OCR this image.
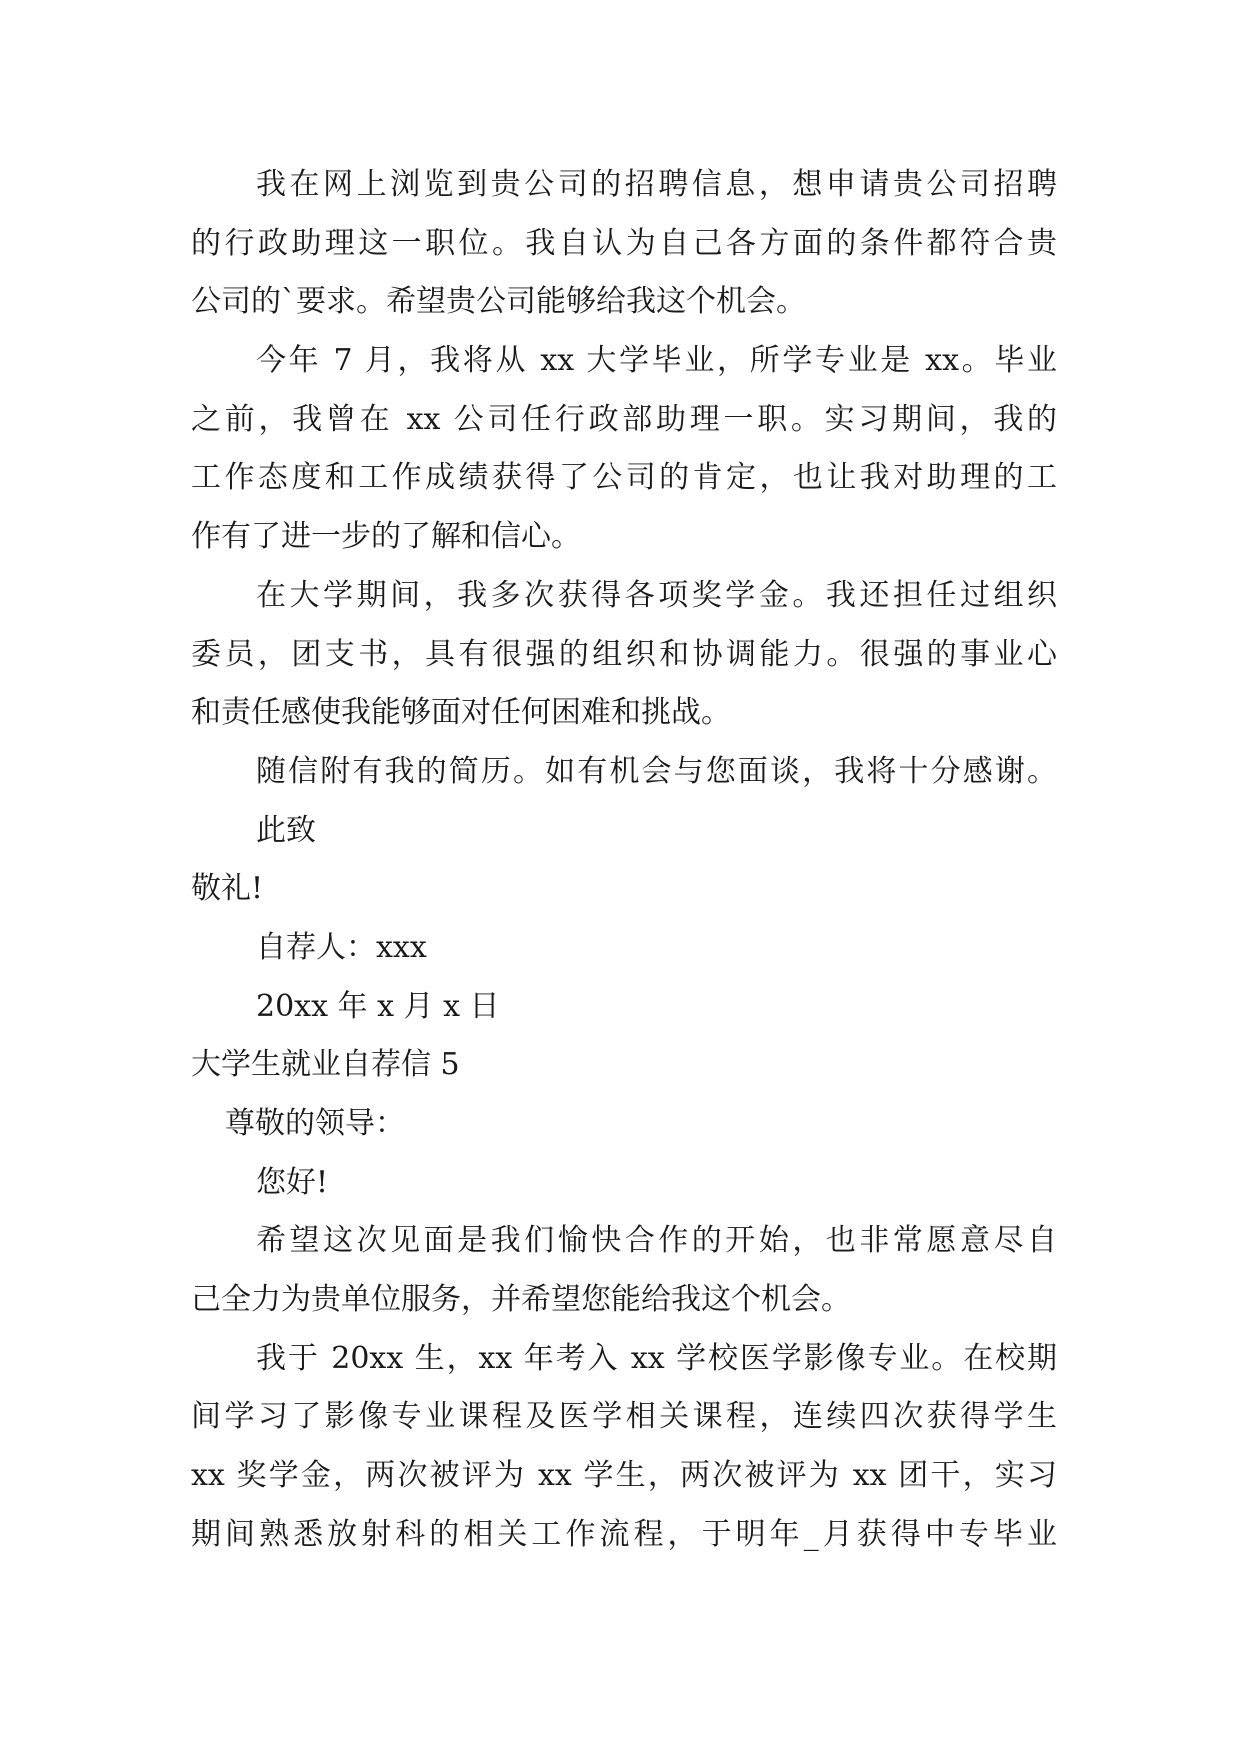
我在网上浏览到贵公司的招聘信息，想申请贵公司招聘
的行政助理这一职位。我自认为自己各方面的条件都符合贵
公司的`要求。希望贵公司能够给我这个机会。
今年 7 月，我将从 xx 大学毕业，所学专业是 xx。毕业
之前，我曾在 xx 公司任行政部助理一职。实习期间，我的
工作态度和工作成绩获得了公司的肯定，也让我对助理的工
作有了进一步的了解和信心。
在大学期间，我多次获得各项奖学金。我还担任过组织
委员，团支书，具有很强的组织和协调能力。很强的事业心
和责任感使我能够面对任何困难和挑战。
随信附有我的简历。如有机会与您面谈，我将十分感谢。
此致
敬礼!
自荐人：xxx
20xx 年 x 月 x 日
大学生就业自荐信 5
尊敬的领导：
您好!
希望这次见面是我们愉快合作的开始，也非常愿意尽自
己全力为贵单位服务，并希望您能给我这个机会。
我于 20xx 生，xx 年考入 xx 学校医学影像专业。在校期
间学习了影像专业课程及医学相关课程，连续四次获得学生
xx 奖学金，两次被评为 xx 学生，两次被评为 xx 团干，实习
期间熟悉放射科的相关工作流程，于明年_月获得中专毕业
